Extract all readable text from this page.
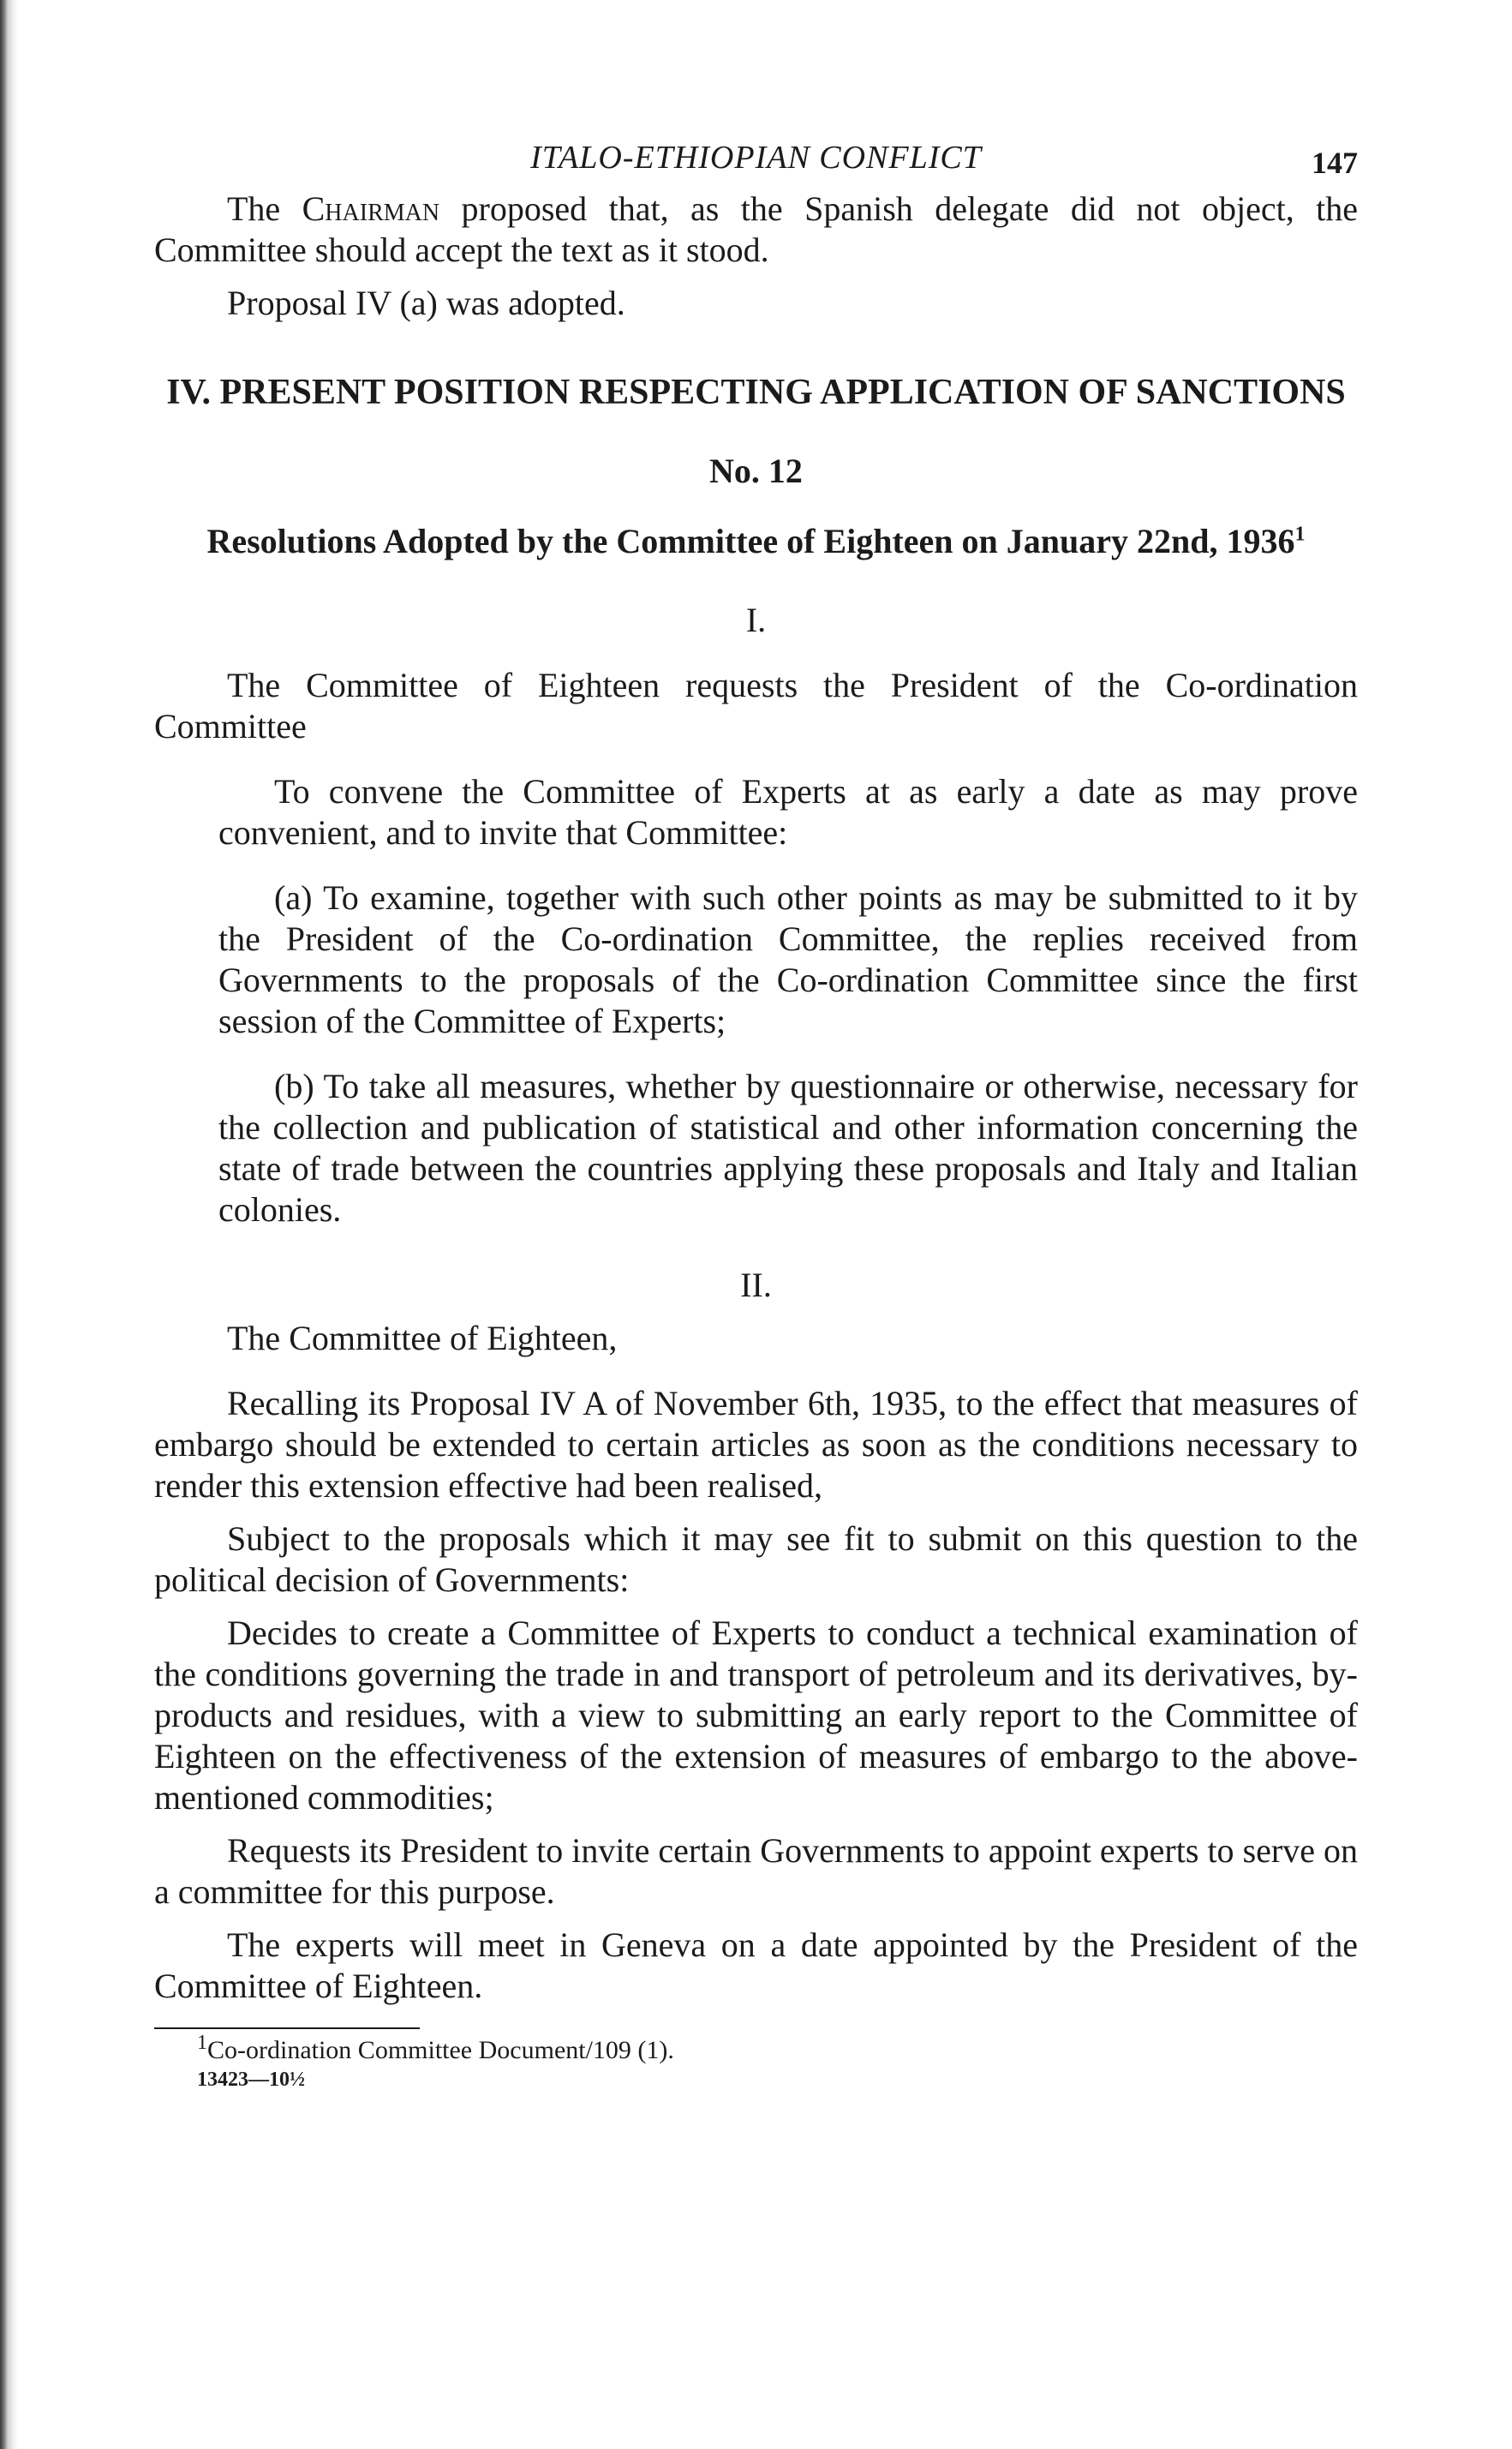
ITALO-ETHIOPIAN CONFLICT	147

The Chairman proposed that, as the Spanish delegate did not object, the Committee should accept the text as it stood.

Proposal IV (a) was adopted.

IV. PRESENT POSITION RESPECTING APPLICATION OF SANCTIONS
No. 12
Resolutions Adopted by the Committee of Eighteen on January 22nd, 1936$^1$
I.

The Committee of Eighteen requests the President of the Co-ordination Committee

To convene the Committee of Experts at as early a date as may prove convenient, and to invite that Committee:

(a) To examine, together with such other points as may be submitted to it by the President of the Co-ordination Committee, the replies received from Governments to the proposals of the Co-ordination Committee since the first session of the Committee of Experts;

(b) To take all measures, whether by questionnaire or otherwise, necessary for the collection and publication of statistical and other information concerning the state of trade between the countries applying these proposals and Italy and Italian colonies.

II.

The Committee of Eighteen,

Recalling its Proposal IV A of November 6th, 1935, to the effect that measures of embargo should be extended to certain articles as soon as the conditions necessary to render this extension effective had been realised,

Subject to the proposals which it may see fit to submit on this question to the political decision of Governments:

Decides to create a Committee of Experts to conduct a technical examination of the conditions governing the trade in and transport of petroleum and its derivatives, by-products and residues, with a view to submitting an early report to the Committee of Eighteen on the effectiveness of the extension of measures of embargo to the above-mentioned commodities;

Requests its President to invite certain Governments to appoint experts to serve on a committee for this purpose.

The experts will meet in Geneva on a date appointed by the President of the Committee of Eighteen.

$^1$Co-ordination Committee Document/109 (1).
13423—10½
